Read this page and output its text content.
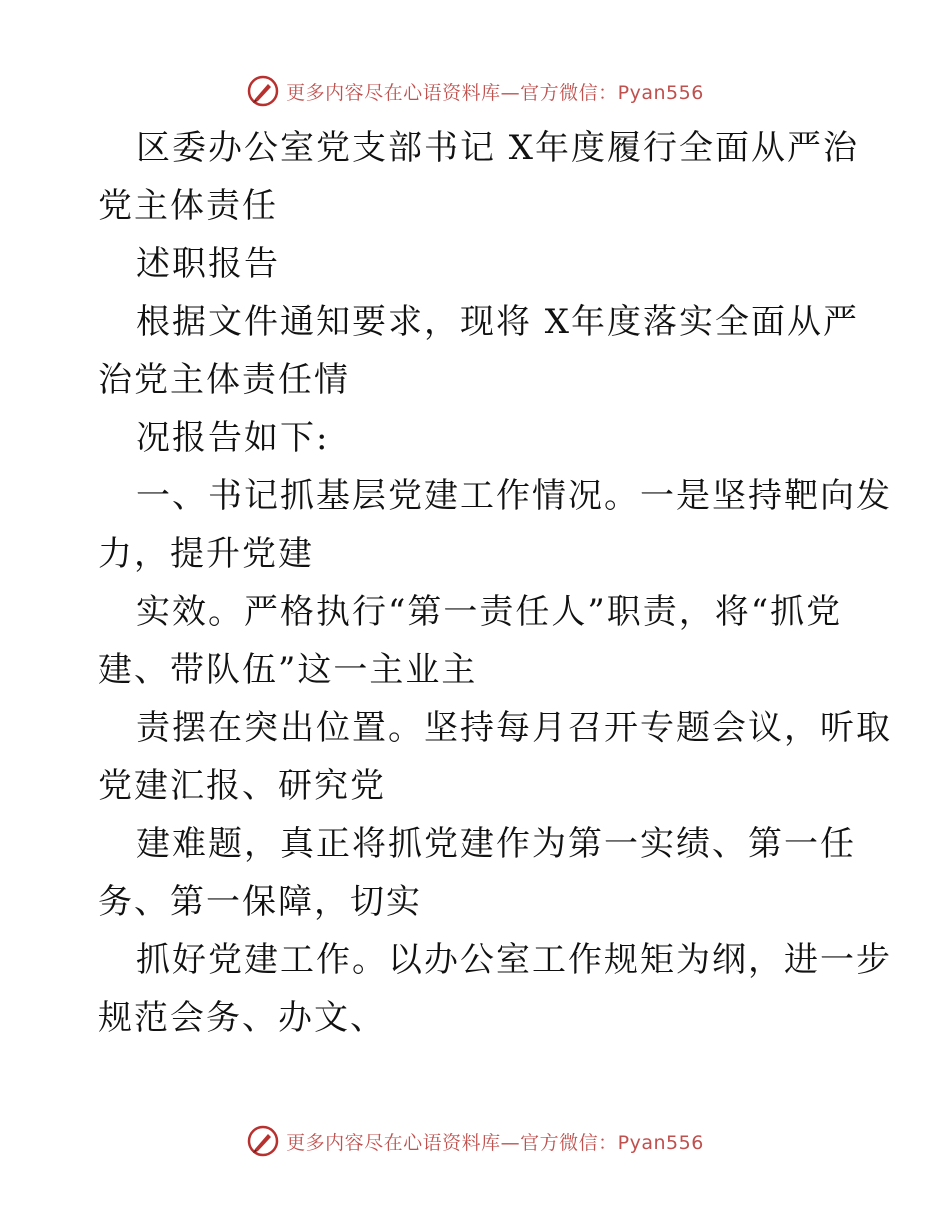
更多内容尽在心语资料库—官方微信：Pyan556
区委办公室党支部书记 X年度履行全面从严治
党主体责任
述职报告
根据文件通知要求，现将 X年度落实全面从严
治党主体责任情
况报告如下:
一、书记抓基层党建工作情况。一是坚持靶向发
力，提升党建
实效。严格执行“第一责任人”职责，将“抓党
建、带队伍”这一主业主
责摆在突出位置。坚持每月召开专题会议，听取
党建汇报、研究党
建难题，真正将抓党建作为第一实绩、第一任
务、第一保障，切实
抓好党建工作。以办公室工作规矩为纲，进一步
规范会务、办文、
更多内容尽在心语资料库—官方微信：Pyan556
